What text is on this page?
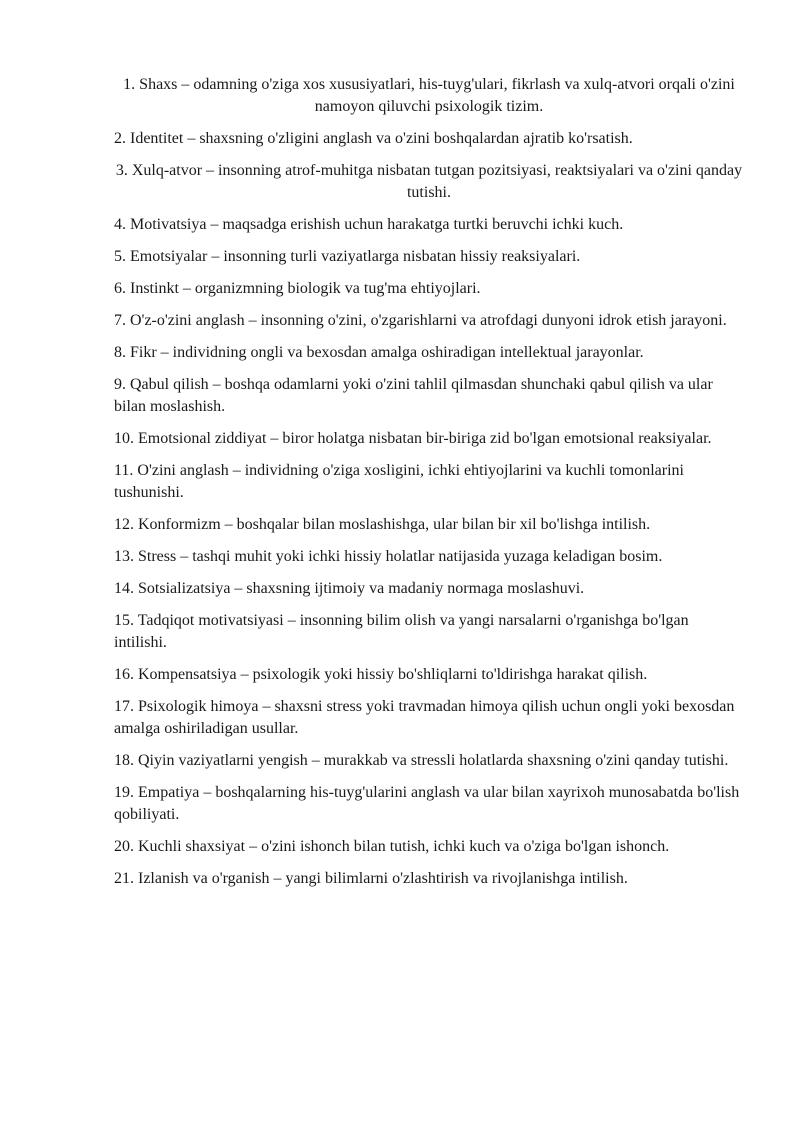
1. Shaxs – odamning o'ziga xos xususiyatlari, his-tuyg'ulari, fikrlash va xulq-atvori orqali o'zini namoyon qiluvchi psixologik tizim.

2. Identitet – shaxsning o'zligini anglash va o'zini boshqalardan ajratib ko'rsatish.

3. Xulq-atvor – insonning atrof-muhitga nisbatan tutgan pozitsiyasi, reaktsiyalari va o'zini qanday tutishi.

4. Motivatsiya – maqsadga erishish uchun harakatga turtki beruvchi ichki kuch.

5. Emotsiyalar – insonning turli vaziyatlarga nisbatan hissiy reaksiyalari.

6. Instinkt – organizmning biologik va tug'ma ehtiyojlari.

7. O'z-o'zini anglash – insonning o'zini, o'zgarishlarni va atrofdagi dunyoni idrok etish jarayoni.

8. Fikr – individning ongli va bexosdan amalga oshiradigan intellektual jarayonlar.

9. Qabul qilish – boshqa odamlarni yoki o'zini tahlil qilmasdan shunchaki qabul qilish va ular bilan moslashish.

10. Emotsional ziddiyat – biror holatga nisbatan bir-biriga zid bo'lgan emotsional reaksiyalar.

11. O'zini anglash – individning o'ziga xosligini, ichki ehtiyojlarini va kuchli tomonlarini tushunishi.

12. Konformizm – boshqalar bilan moslashishga, ular bilan bir xil bo'lishga intilish.

13. Stress – tashqi muhit yoki ichki hissiy holatlar natijasida yuzaga keladigan bosim.

14. Sotsializatsiya – shaxsning ijtimoiy va madaniy normaga moslashuvi.

15. Tadqiqot motivatsiyasi – insonning bilim olish va yangi narsalarni o'rganishga bo'lgan intilishi.

16. Kompensatsiya – psixologik yoki hissiy bo'shliqlarni to'ldirishga harakat qilish.

17. Psixologik himoya – shaxsni stress yoki travmadan himoya qilish uchun ongli yoki bexosdan amalga oshiriladigan usullar.

18. Qiyin vaziyatlarni yengish – murakkab va stressli holatlarda shaxsning o'zini qanday tutishi.

19. Empatiya – boshqalarning his-tuyg'ularini anglash va ular bilan xayrixoh munosabatda bo'lish qobiliyati.

20. Kuchli shaxsiyat – o'zini ishonch bilan tutish, ichki kuch va o'ziga bo'lgan ishonch.

21. Izlanish va o'rganish – yangi bilimlarni o'zlashtirish va rivojlanishga intilish.
